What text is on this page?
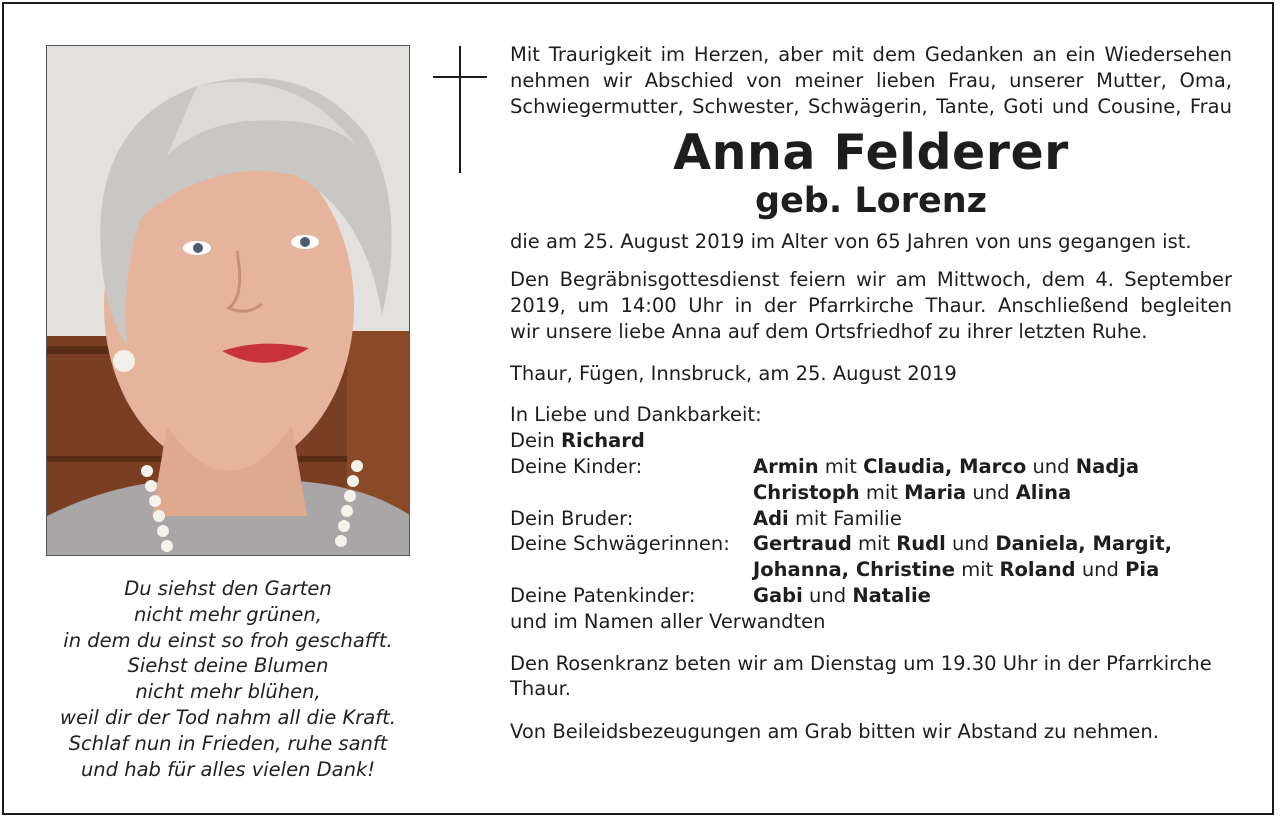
Du siehst den Garten
nicht mehr grünen,
in dem du einst so froh geschafft.
Siehst deine Blumen
nicht mehr blühen,
weil dir der Tod nahm all die Kraft.
Schlaf nun in Frieden, ruhe sanft
und hab für alles vielen Dank!
Mit Traurigkeit im Herzen, aber mit dem Gedanken an ein Wiedersehen
nehmen wir Abschied von meiner lieben Frau, unserer Mutter, Oma,
Schwiegermutter, Schwester, Schwägerin, Tante, Goti und Cousine, Frau
Anna Felderer
geb. Lorenz
die am 25. August 2019 im Alter von 65 Jahren von uns gegangen ist.
Den Begräbnisgottesdienst feiern wir am Mittwoch, dem 4. September
2019, um 14:00 Uhr in der Pfarrkirche Thaur. Anschließend begleiten
wir unsere liebe Anna auf dem Ortsfriedhof zu ihrer letzten Ruhe.
Thaur, Fügen, Innsbruck, am 25. August 2019
In Liebe und Dankbarkeit:
Dein
Richard
Deine Kinder:	Armin mit Claudia, Marco und Nadja
Christoph mit Maria und Alina
Dein Bruder:	Adi mit Familie
Deine Schwägerinnen:	Gertraud mit Rudl und Daniela, Margit,
Johanna, Christine mit Roland und Pia
Deine Patenkinder:	Gabi und Natalie
und im Namen aller Verwandten
Den Rosenkranz beten wir am Dienstag um 19.30 Uhr in der Pfarrkirche
Thaur.
Von Beileidsbezeugungen am Grab bitten wir Abstand zu nehmen.
